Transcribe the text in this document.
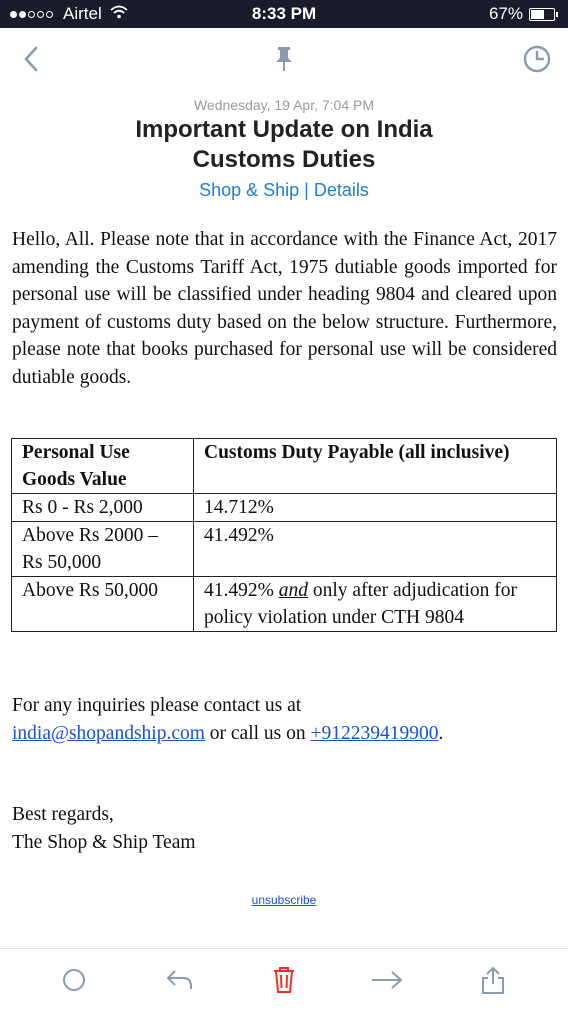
Airtel	8:33 PM	67%
Wednesday, 19 Apr, 7:04 PM
Important Update on India
Customs Duties
Shop & Ship | Details
Hello, All. Please note that in accordance with the Finance Act, 2017 amending the Customs Tariff Act, 1975 dutiable goods imported for personal use will be classified under heading 9804 and cleared upon payment of customs duty based on the below structure. Furthermore, please note that books purchased for personal use will be considered dutiable goods.
Personal Use Goods Value	Customs Duty Payable (all inclusive)
Rs 0 - Rs 2,000	14.712%
Above Rs 2000 – Rs 50,000	41.492%
Above Rs 50,000	41.492% and only after adjudication for policy violation under CTH 9804
For any inquiries please contact us at
india@shopandship.com or call us on +912239419900.
Best regards,
The Shop & Ship Team
unsubscribe
